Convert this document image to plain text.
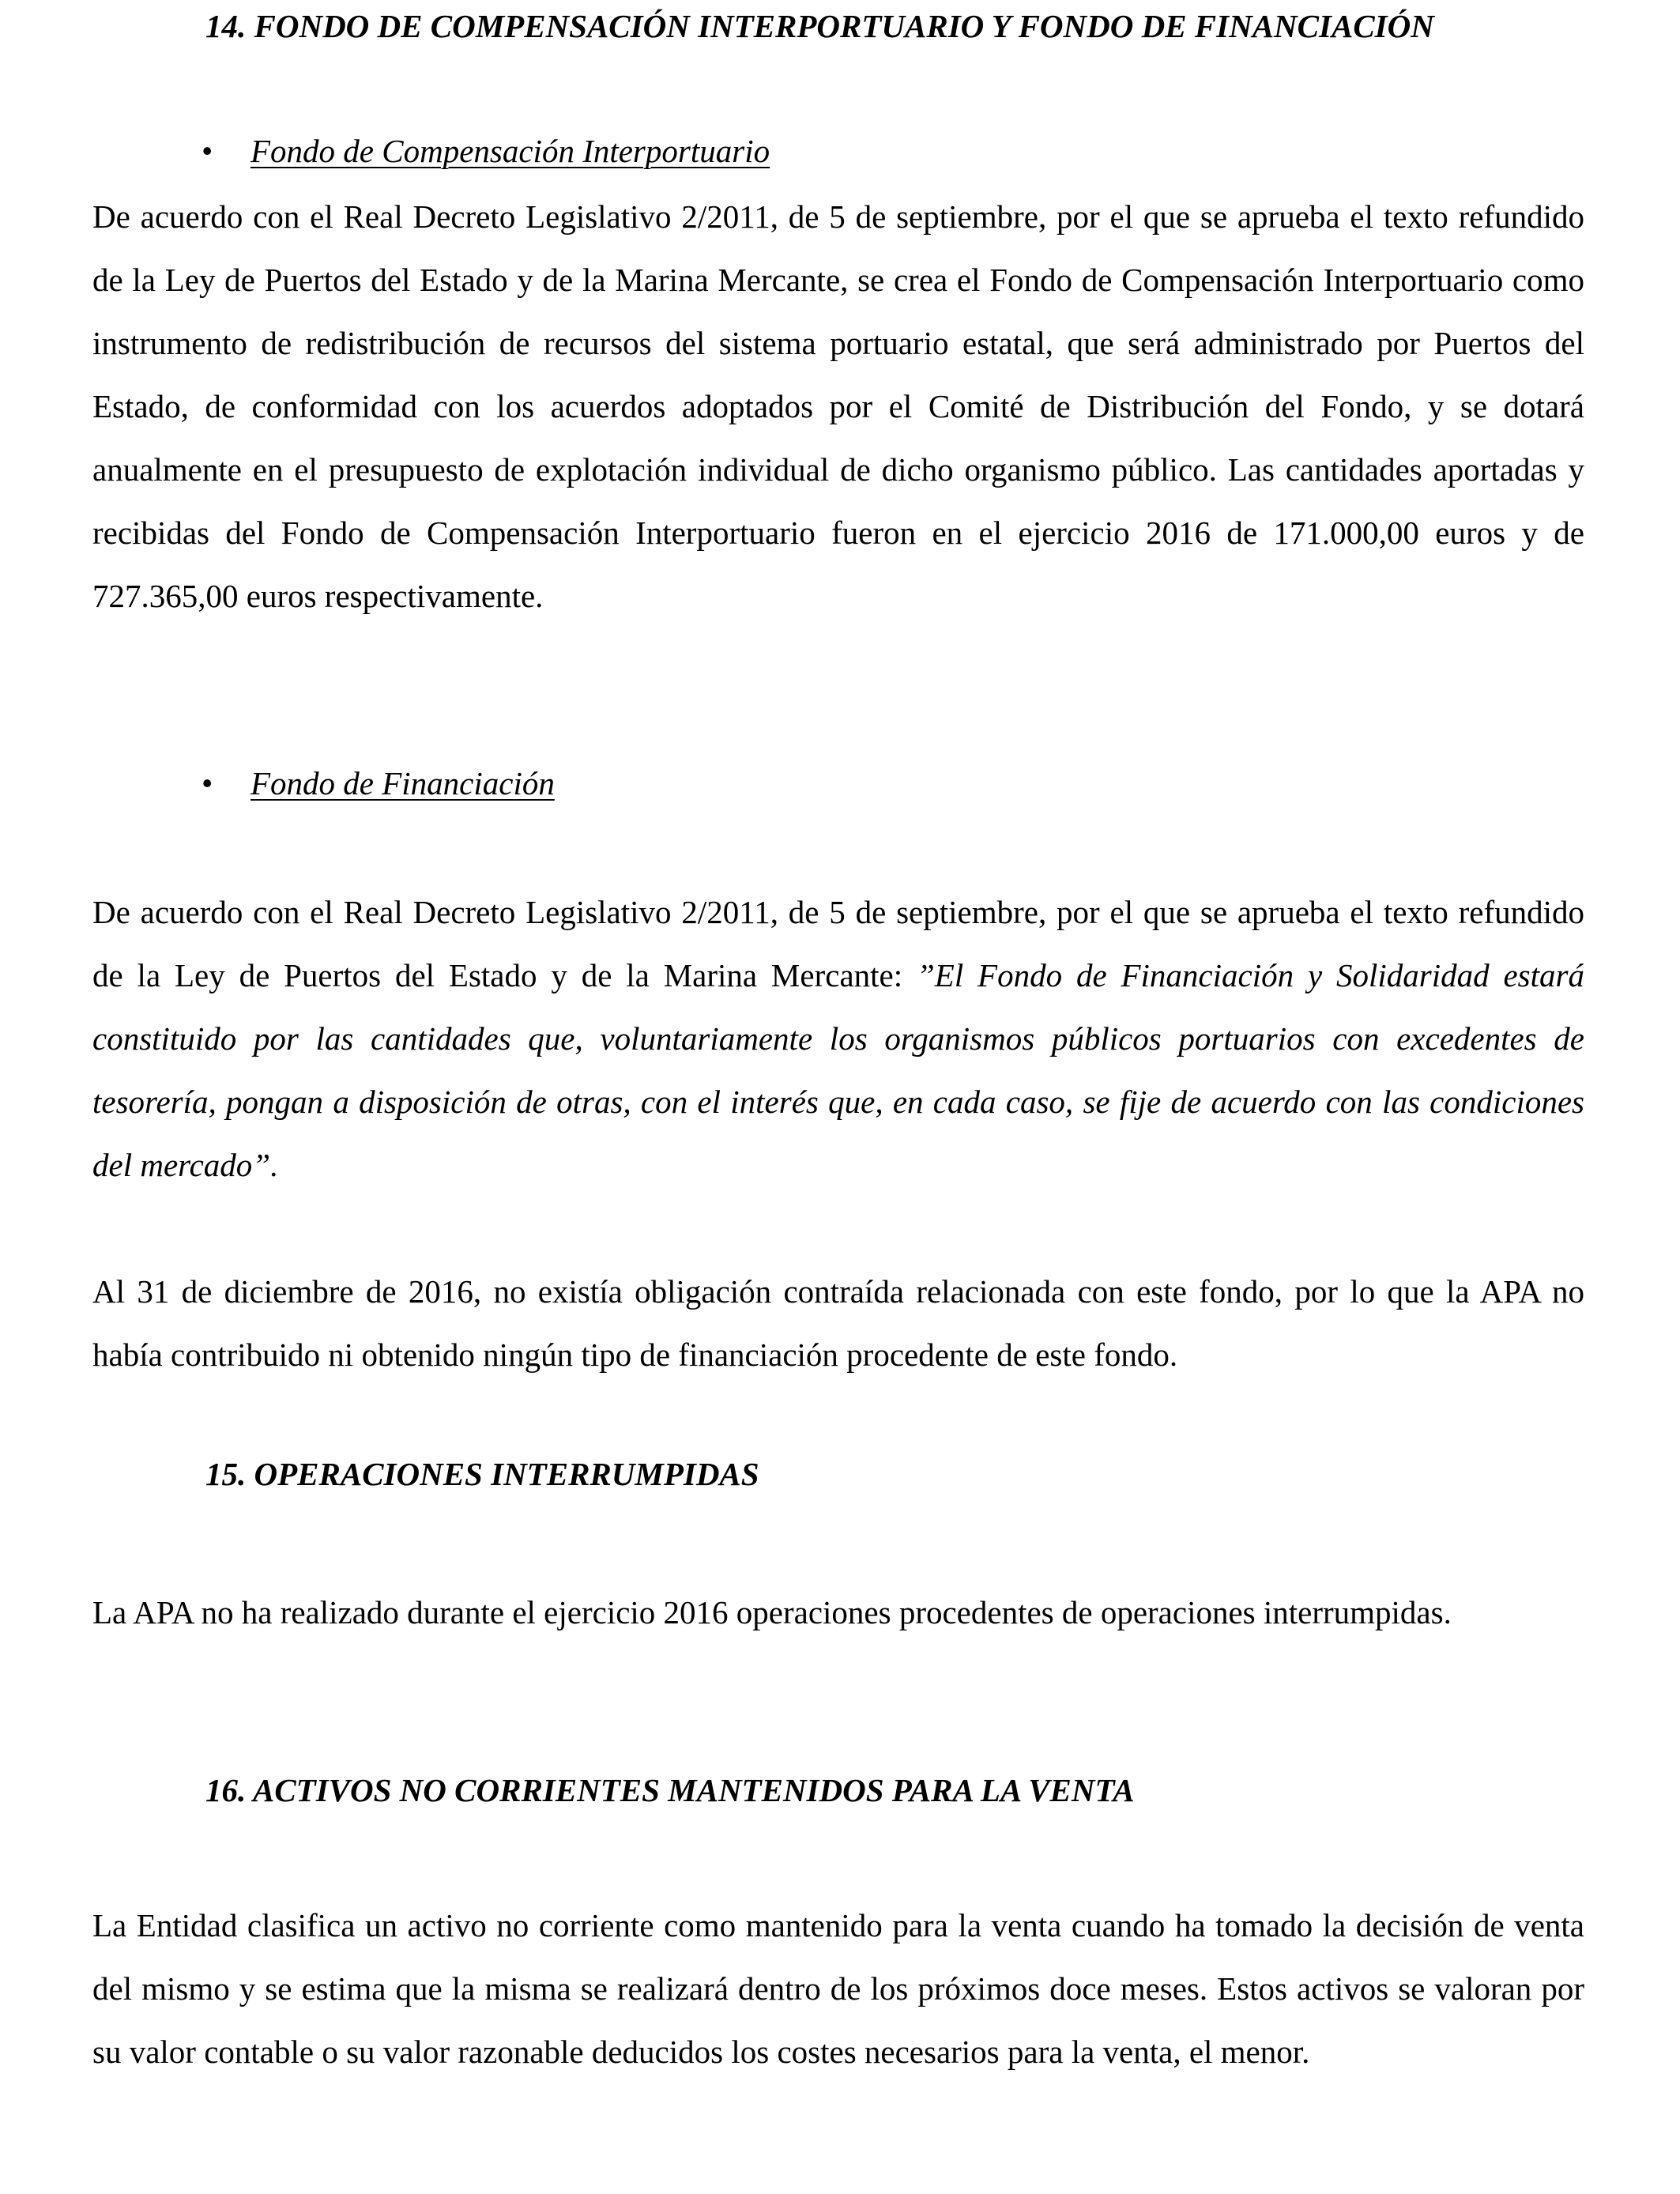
14. FONDO DE COMPENSACIÓN INTERPORTUARIO Y FONDO DE FINANCIACIÓN
• Fondo de Compensación Interportuario

De acuerdo con el Real Decreto Legislativo 2/2011, de 5 de septiembre, por el que se aprueba el texto refundido de la Ley de Puertos del Estado y de la Marina Mercante, se crea el Fondo de Compensación Interportuario como instrumento de redistribución de recursos del sistema portuario estatal, que será administrado por Puertos del Estado, de conformidad con los acuerdos adoptados por el Comité de Distribución del Fondo, y se dotará anualmente en el presupuesto de explotación individual de dicho organismo público. Las cantidades aportadas y recibidas del Fondo de Compensación Interportuario fueron en el ejercicio 2016 de 171.000,00 euros y de 727.365,00 euros respectivamente.

• Fondo de Financiación

De acuerdo con el Real Decreto Legislativo 2/2011, de 5 de septiembre, por el que se aprueba el texto refundido de la Ley de Puertos del Estado y de la Marina Mercante: ”El Fondo de Financiación y Solidaridad estará constituido por las cantidades que, voluntariamente los organismos públicos portuarios con excedentes de tesorería, pongan a disposición de otras, con el interés que, en cada caso, se fije de acuerdo con las condiciones del mercado”.

Al 31 de diciembre de 2016, no existía obligación contraída relacionada con este fondo, por lo que la APA no había contribuido ni obtenido ningún tipo de financiación procedente de este fondo.

15. OPERACIONES INTERRUMPIDAS

La APA no ha realizado durante el ejercicio 2016 operaciones procedentes de operaciones interrumpidas.

16. ACTIVOS NO CORRIENTES MANTENIDOS PARA LA VENTA

La Entidad clasifica un activo no corriente como mantenido para la venta cuando ha tomado la decisión de venta del mismo y se estima que la misma se realizará dentro de los próximos doce meses. Estos activos se valoran por su valor contable o su valor razonable deducidos los costes necesarios para la venta, el menor.
